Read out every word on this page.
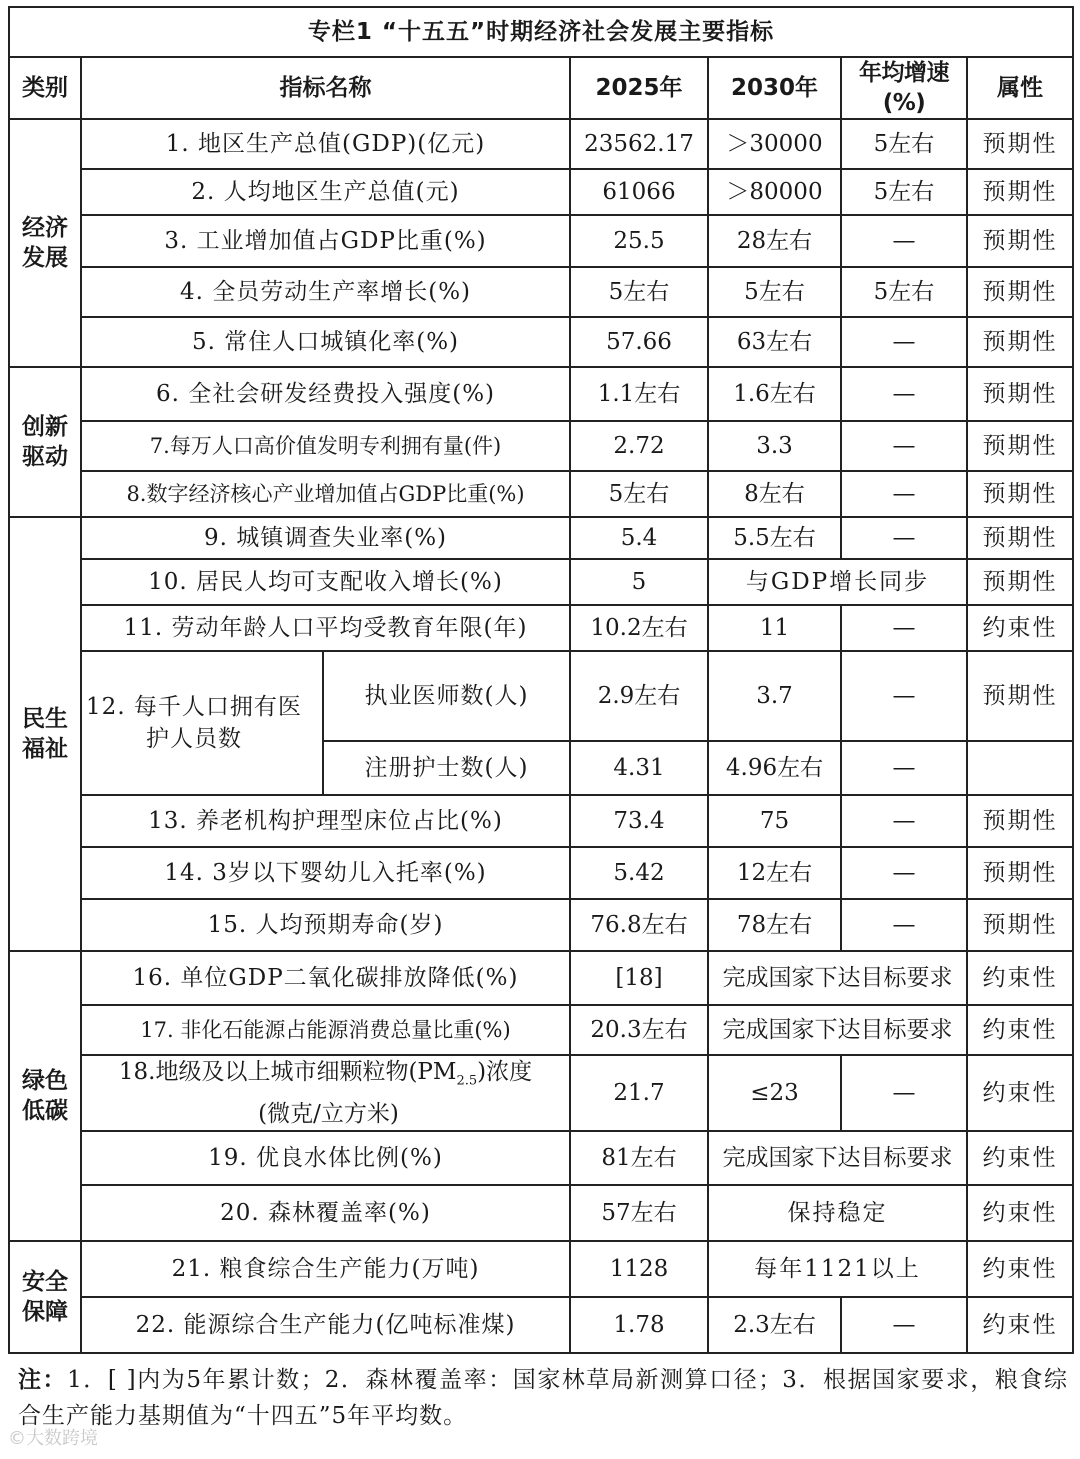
专栏1 “十五五”时期经济社会发展主要指标						
类别	指标名称		2025年	2030年	年均增速(%)	属性
经济
发展	1. 地区生产总值(GDP)(亿元)		23562.17	＞30000	5左右	预期性
	2. 人均地区生产总值(元)		61066	＞80000	5左右	预期性
	3. 工业增加值占GDP比重(%)		25.5	28左右	—	预期性
	4. 全员劳动生产率增长(%)		5左右	5左右	5左右	预期性
	5. 常住人口城镇化率(%)		57.66	63左右	—	预期性
创新
驱动	6. 全社会研发经费投入强度(%)		1.1左右	1.6左右	—	预期性
	7.每万人口高价值发明专利拥有量(件)		2.72	3.3	—	预期性
	8.数字经济核心产业增加值占GDP比重(%)		5左右	8左右	—	预期性
民生
福祉	9. 城镇调查失业率(%)		5.4	5.5左右	—	预期性
	10. 居民人均可支配收入增长(%)		5	与GDP增长同步		预期性
	11. 劳动年龄人口平均受教育年限(年)		10.2左右	11	—	约束性
	12. 每千人口拥有医护人员数	执业医师数(人)	2.9左右	3.7	—	预期性
		注册护士数(人)	4.31	4.96左右	—	
	13. 养老机构护理型床位占比(%)		73.4	75	—	预期性
	14. 3岁以下婴幼儿入托率(%)		5.42	12左右	—	预期性
	15. 人均预期寿命(岁)		76.8左右	78左右	—	预期性
绿色
低碳	16. 单位GDP二氧化碳排放降低(%)		[18]	完成国家下达目标要求		约束性
	17. 非化石能源占能源消费总量比重(%)		20.3左右	完成国家下达目标要求		约束性

	18.地级及以上城市细颗粒物$(PM_{2.5})$浓度
(微克/立方米)		21.7	≤23	—	约束性
	19. 优良水体比例(%)		81左右	完成国家下达目标要求		约束性
	20. 森林覆盖率(%)		57左右	保持稳定		约束性
安全
保障	21. 粮食综合生产能力(万吨)		1128	每年1121以上		约束性
	22. 能源综合生产能力(亿吨标准煤)		1.78	2.3左右	—	约束性
注：1．[ ]内为5年累计数；2．森林覆盖率：国家林草局新测算口径；3．根据国家要求，粮食综合生产能力基期值为“十四五”5年平均数。
©大数跨境
